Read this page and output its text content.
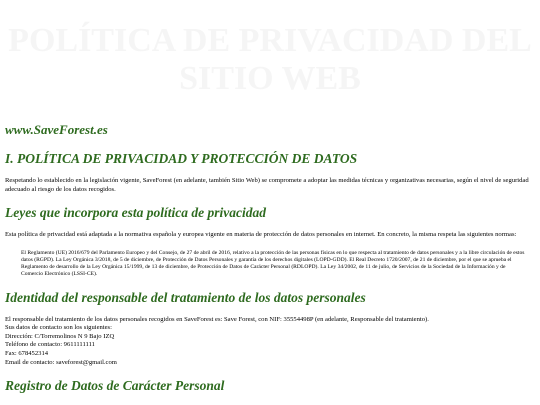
POLÍTICA DE PRIVACIDAD DEL SITIO WEB
www.SaveForest.es
I. POLÍTICA DE PRIVACIDAD Y PROTECCIÓN DE DATOS

Respetando lo establecido en la legislación vigente, SaveForest (en adelante, también Sitio Web) se compromete a adoptar las medidas técnicas y organizativas necesarias, según el nivel de seguridad adecuado al riesgo de los datos recogidos.

Leyes que incorpora esta política de privacidad

Esta política de privacidad está adaptada a la normativa española y europea vigente en materia de protección de datos personales en internet. En concreto, la misma respeta las siguientes normas:

El Reglamento (UE) 2016/679 del Parlamento Europeo y del Consejo, de 27 de abril de 2016, relativo a la protección de las personas físicas en lo que respecta al tratamiento de datos personales y a la libre circulación de estos datos (RGPD). La Ley Orgánica 3/2018, de 5 de diciembre, de Protección de Datos Personales y garantía de los derechos digitales (LOPD-GDD). El Real Decreto 1720/2007, de 21 de diciembre, por el que se aprueba el Reglamento de desarrollo de la Ley Orgánica 15/1999, de 13 de diciembre, de Protección de Datos de Carácter Personal (RDLOPD). La Ley 34/2002, de 11 de julio, de Servicios de la Sociedad de la Información y de Comercio Electrónico (LSSI-CE).

Identidad del responsable del tratamiento de los datos personales
El responsable del tratamiento de los datos personales recogidos en SaveForest es: Save Forest, con NIF: 35554498P (en adelante, Responsable del tratamiento).
Sus datos de contacto son los siguientes:
Dirección: C/Torremolinos N 9 Bajo IZQ
Teléfono de contacto: 9611111111
Fax: 678452314
Email de contacto: saveforest@gmail.com
Registro de Datos de Carácter Personal
